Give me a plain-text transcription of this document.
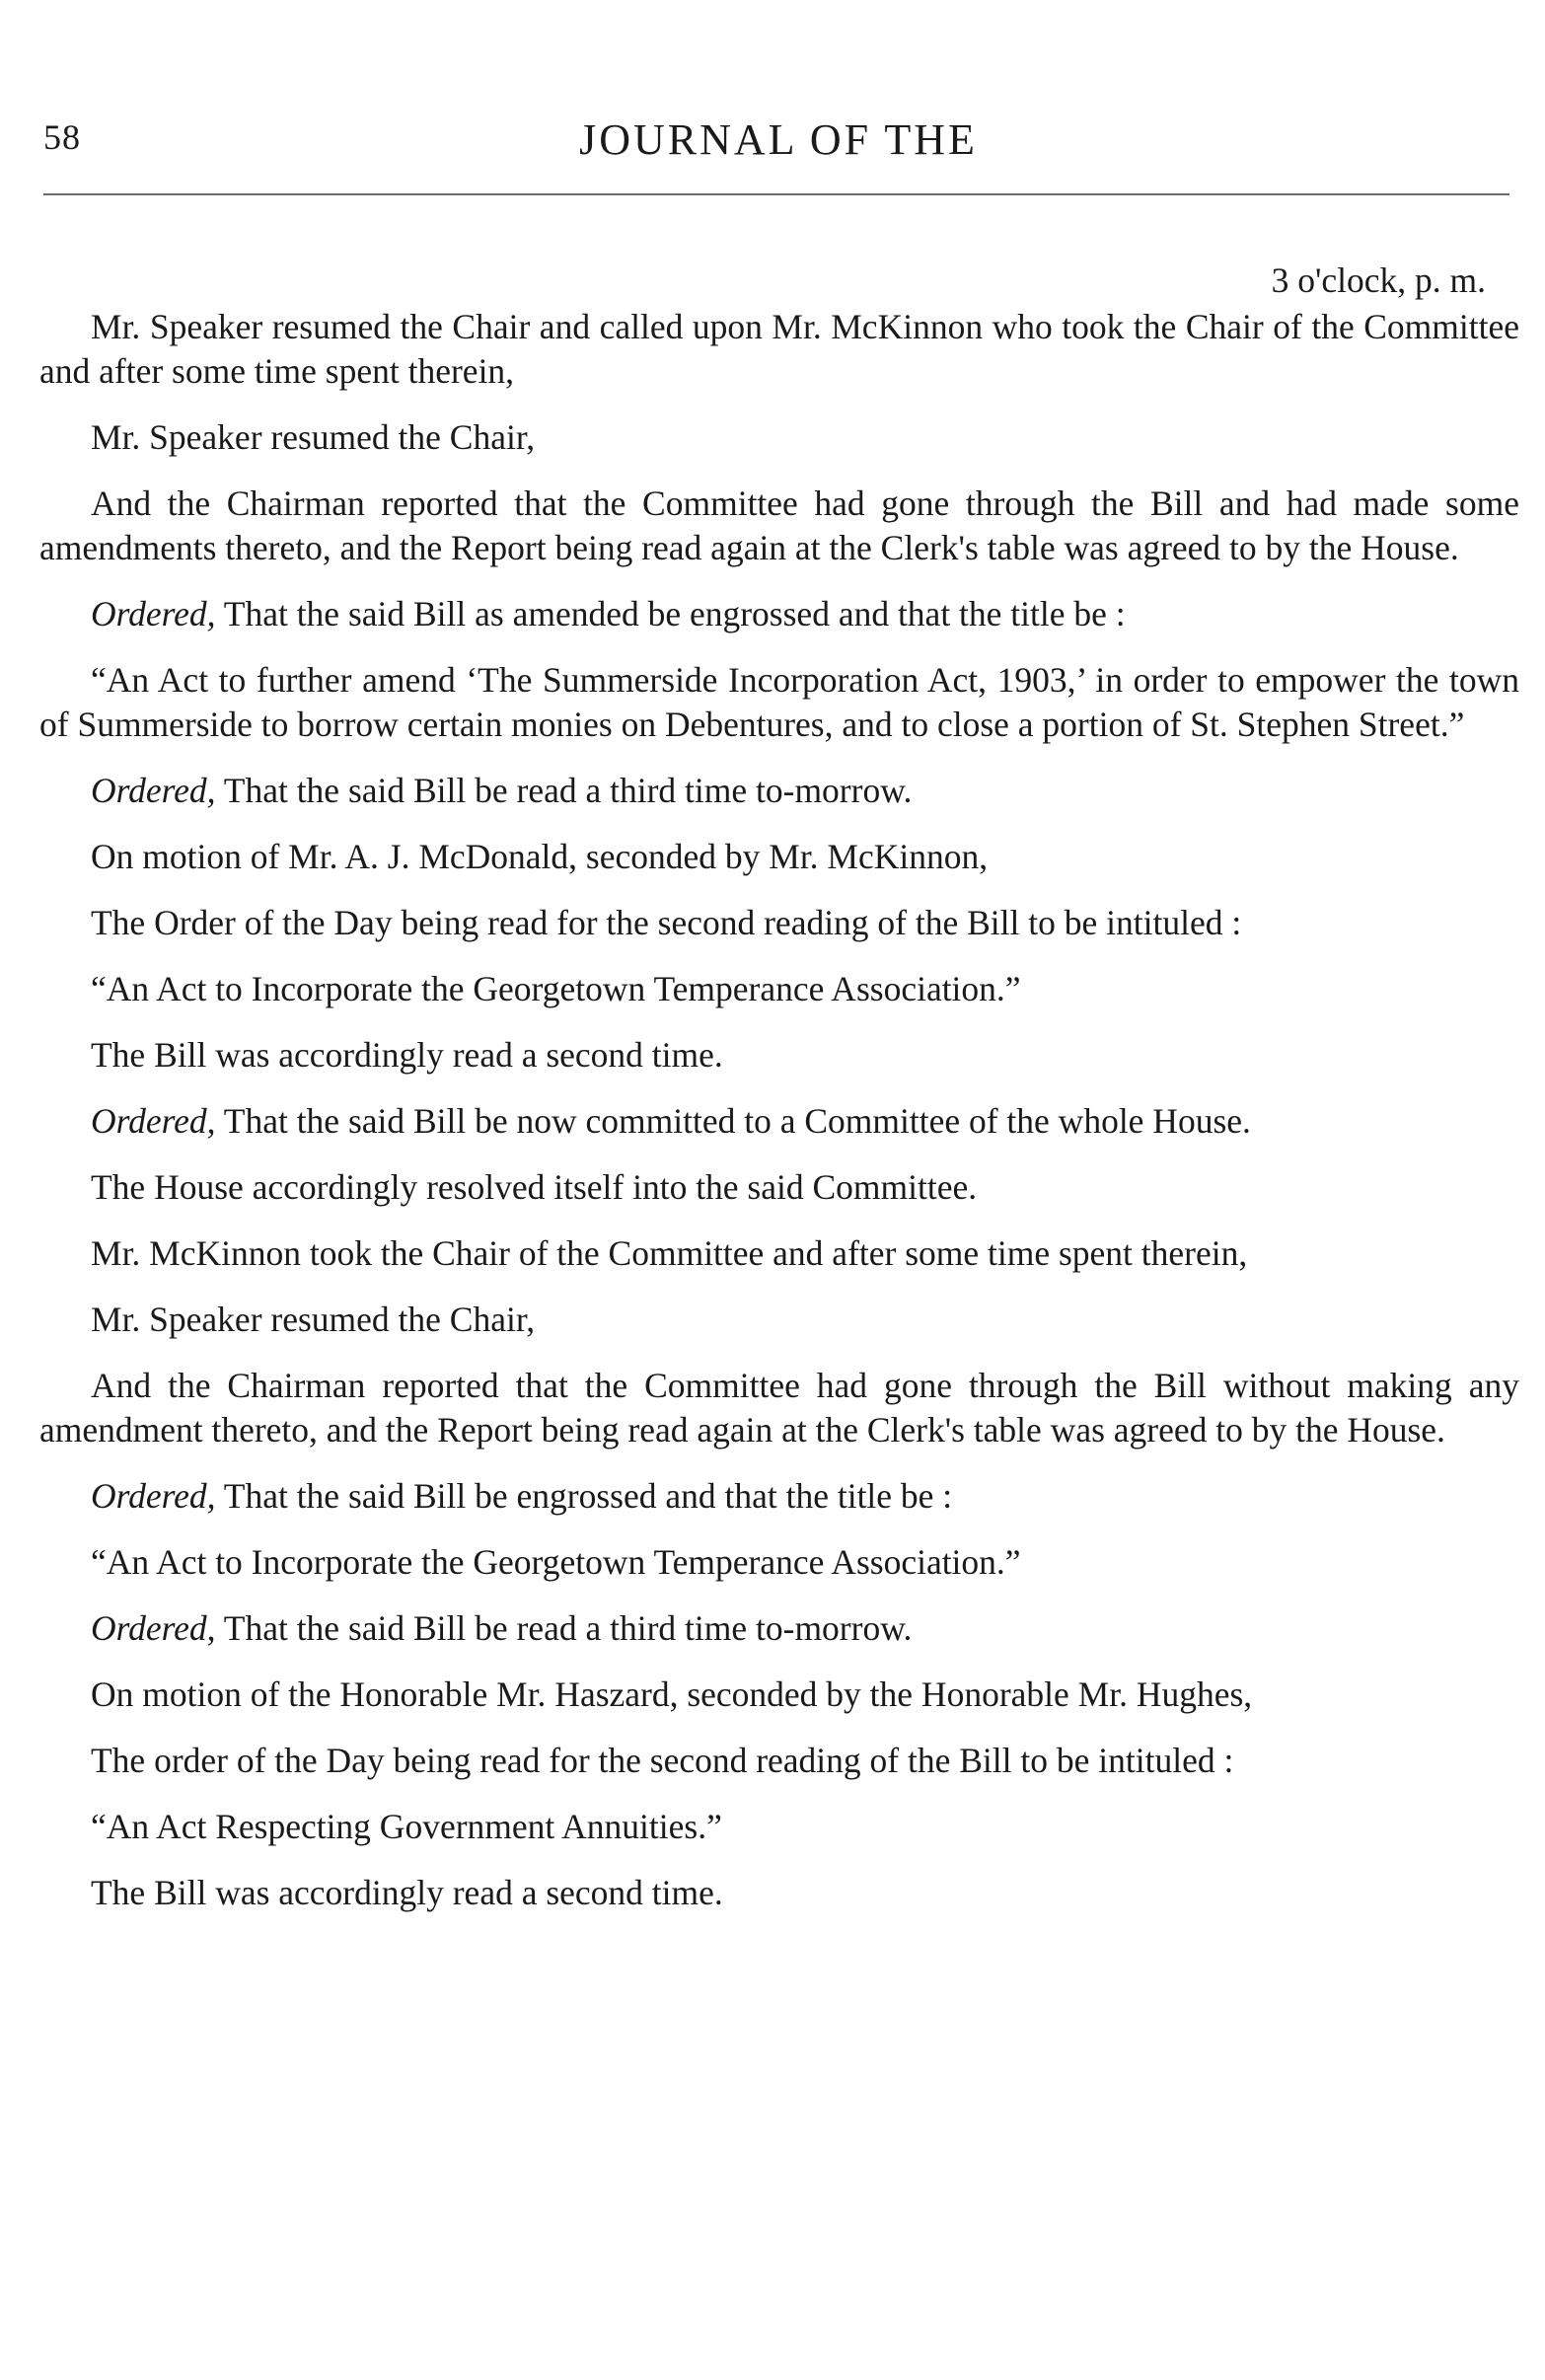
58	JOURNAL OF THE
3 o'clock, p. m.

Mr. Speaker resumed the Chair and called upon Mr. McKinnon who took the Chair of the Committee and after some time spent therein,

Mr. Speaker resumed the Chair,

And the Chairman reported that the Committee had gone through the Bill and had made some amendments thereto, and the Report being read again at the Clerk's table was agreed to by the House.

Ordered, That the said Bill as amended be engrossed and that the title be :

“An Act to further amend ‘The Summerside Incorporation Act, 1903,’ in order to empower the town of Summerside to borrow certain monies on Debentures, and to close a portion of St. Stephen Street.”

Ordered, That the said Bill be read a third time to-morrow.

On motion of Mr. A. J. McDonald, seconded by Mr. McKinnon,

The Order of the Day being read for the second reading of the Bill to be intituled :

“An Act to Incorporate the Georgetown Temperance Association.”

The Bill was accordingly read a second time.

Ordered, That the said Bill be now committed to a Committee of the whole House.

The House accordingly resolved itself into the said Committee.

Mr. McKinnon took the Chair of the Committee and after some time spent therein,

Mr. Speaker resumed the Chair,

And the Chairman reported that the Committee had gone through the Bill without making any amendment thereto, and the Report being read again at the Clerk's table was agreed to by the House.

Ordered, That the said Bill be engrossed and that the title be :

“An Act to Incorporate the Georgetown Temperance Association.”

Ordered, That the said Bill be read a third time to-morrow.

On motion of the Honorable Mr. Haszard, seconded by the Honorable Mr. Hughes,

The order of the Day being read for the second reading of the Bill to be intituled :

“An Act Respecting Government Annuities.”

The Bill was accordingly read a second time.
